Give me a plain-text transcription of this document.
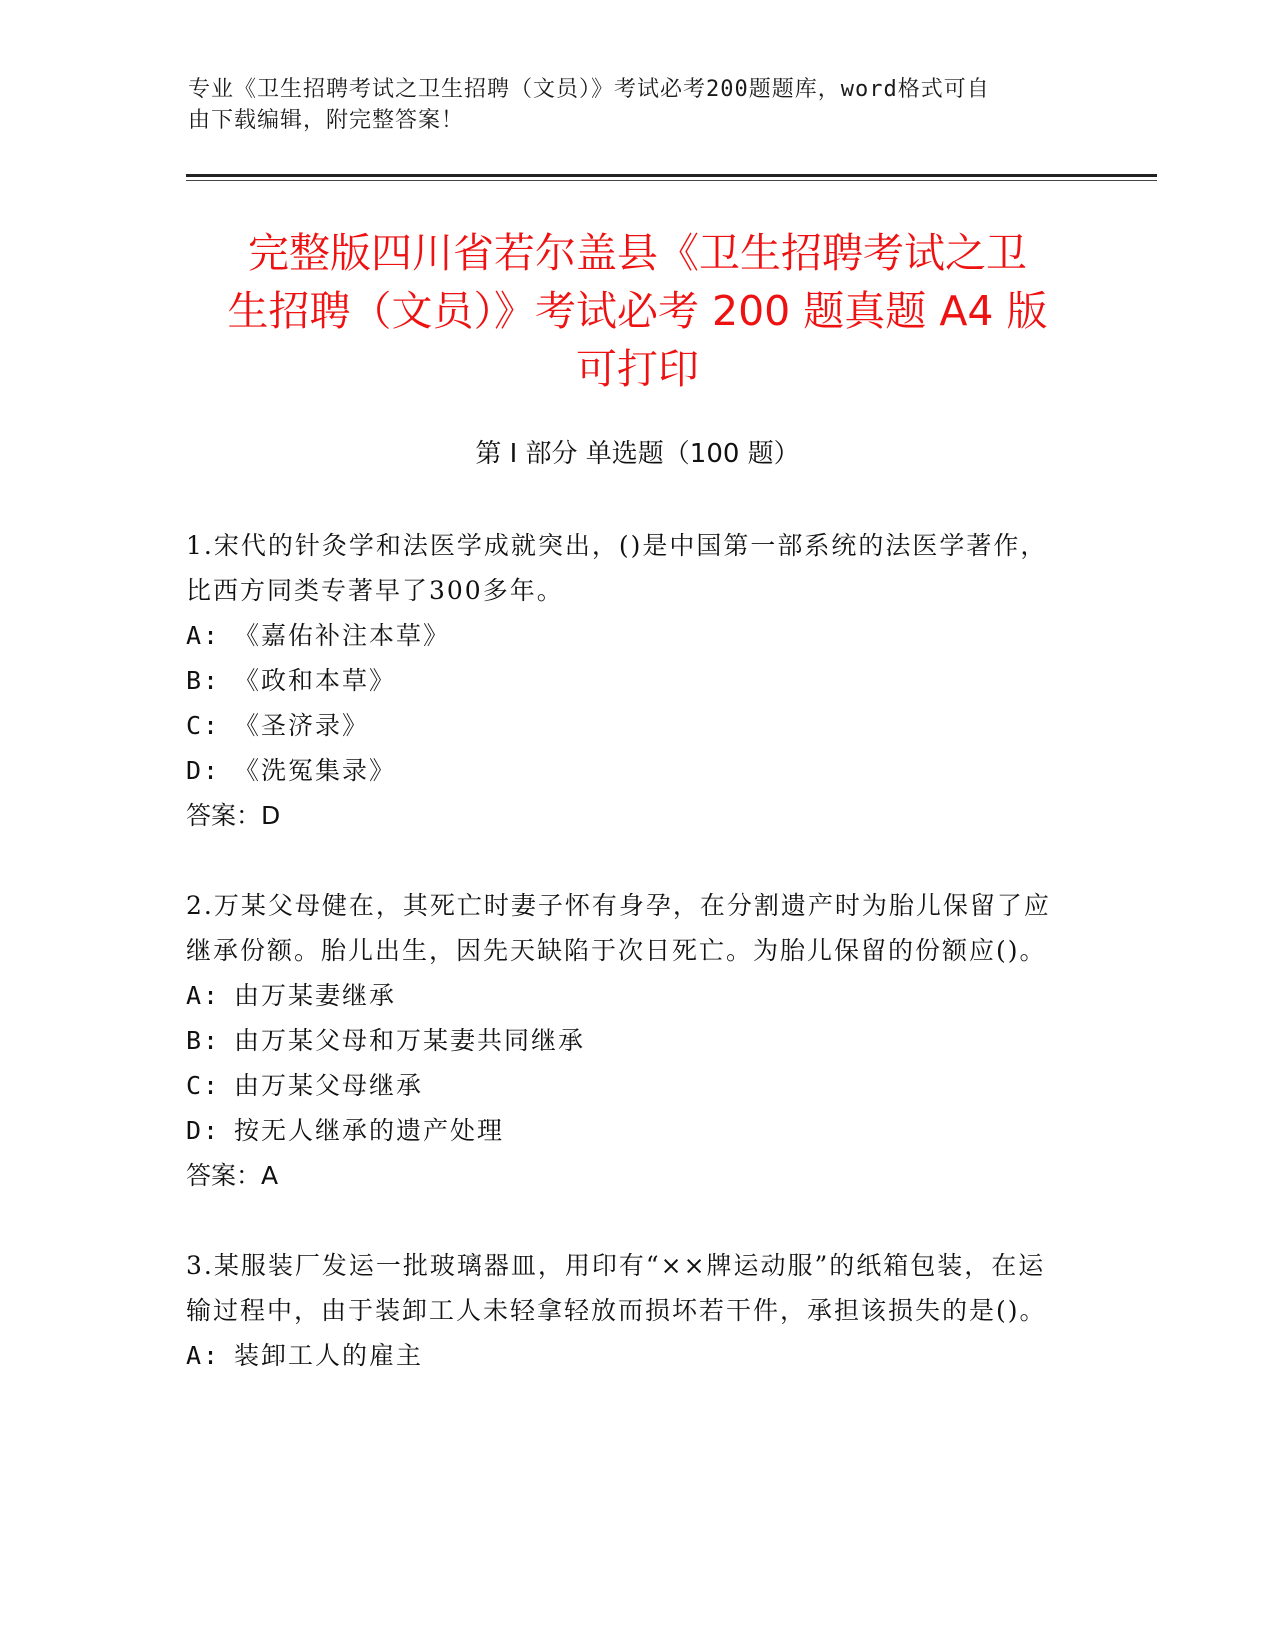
专业《卫生招聘考试之卫生招聘（文员）》考试必考200题题库，word格式可自
由下载编辑，附完整答案！
完整版四川省若尔盖县《卫生招聘考试之卫
生招聘（文员）》考试必考 200 题真题 A4 版
可打印
第 I 部分 单选题（100 题）

1.宋代的针灸学和法医学成就突出，()是中国第一部系统的法医学著作，比西方同类专著早了300多年。

A: 《嘉佑补注本草》

B: 《政和本草》

C: 《圣济录》

D: 《洗冤集录》

答案：D

2.万某父母健在，其死亡时妻子怀有身孕，在分割遗产时为胎儿保留了应继承份额。胎儿出生，因先天缺陷于次日死亡。为胎儿保留的份额应()。

A: 由万某妻继承

B: 由万某父母和万某妻共同继承

C: 由万某父母继承

D: 按无人继承的遗产处理

答案：A

3.某服装厂发运一批玻璃器皿，用印有“××牌运动服”的纸箱包装，在运输过程中，由于装卸工人未轻拿轻放而损坏若干件，承担该损失的是()。

A: 装卸工人的雇主
